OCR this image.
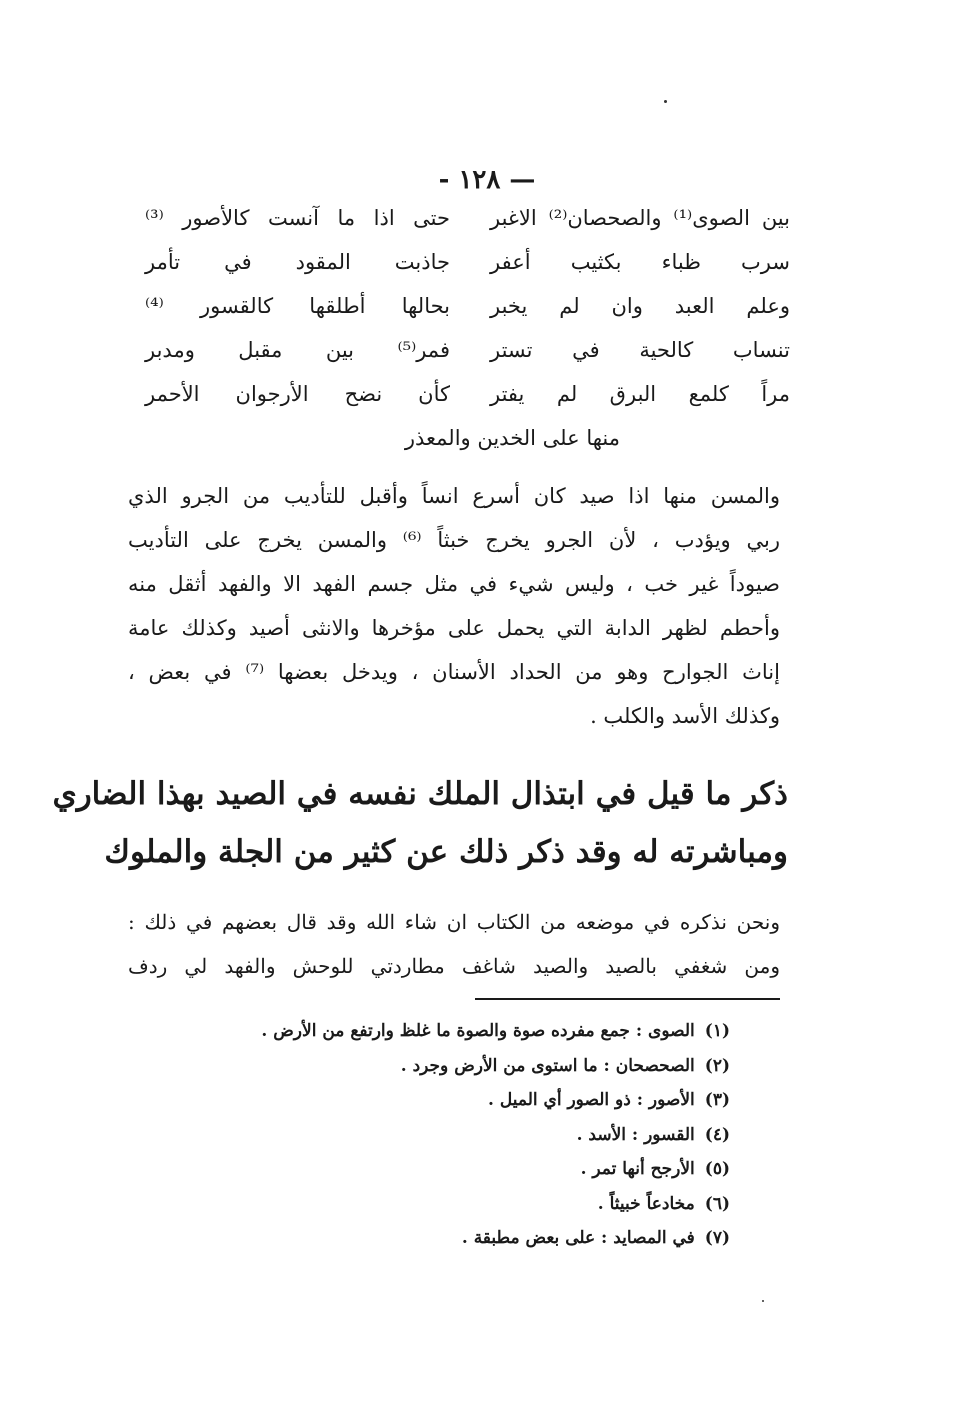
— ١٢٨ -
بين الصوى⁽¹⁾ والصحصان⁽²⁾ الاغبر
حتى اذا ما آنست كالأصور ⁽³⁾
سرب ظباء بكثيب أعفر
جاذبت المقود في تأمر
وعلم العبد وان لم يخبر
بحالها أطلقها كالقسور ⁽⁴⁾
تنساب كالحية في تستر
فمر⁽⁵⁾ بين مقبل ومدبر
مراً كلمع البرق لم يفتر
كأن نضح الأرجوان الأحمر
منها على الخدين والمعذر
والمسن منها اذا صيد كان أسرع انساً وأقبل للتأديب من الجرو الذي
ربي ويؤدب ، لأن الجرو يخرج خبثاً ⁽⁶⁾ والمسن يخرج على التأديب
صيوداً غير خب ، وليس شيء في مثل جسم الفهد الا والفهد أثقل منه
وأحطم لظهر الدابة التي يحمل على مؤخرها والانثى أصيد وكذلك عامة
إناث الجوارح وهو من الحداد الأسنان ، ويدخل بعضها ⁽⁷⁾ في بعض ،
وكذلك الأسد والكلب .
ذكر ما قيل في ابتذال الملك نفسه في الصيد بهذا الضاري
ومباشرته له وقد ذكر ذلك عن كثير من الجلة والملوك
ونحن نذكره في موضعه من الكتاب ان شاء الله وقد قال بعضهم في ذلك :
ومن شغفي بالصيد والصيد شاغف مطاردتي للوحش والفهد لي ردف
(١)الصوى : جمع مفرده صوة والصوة ما غلظ وارتفع من الأرض .
(٢)الصحصحان : ما استوى من الأرض وجرد .
(٣)الأصور : ذو الصور أي الميل .
(٤)القسور : الأسد .
(٥)الأرجح أنها تمر .
(٦)مخادعاً خبيثاً .
(٧)في المصايد : على بعض مطبقة .
